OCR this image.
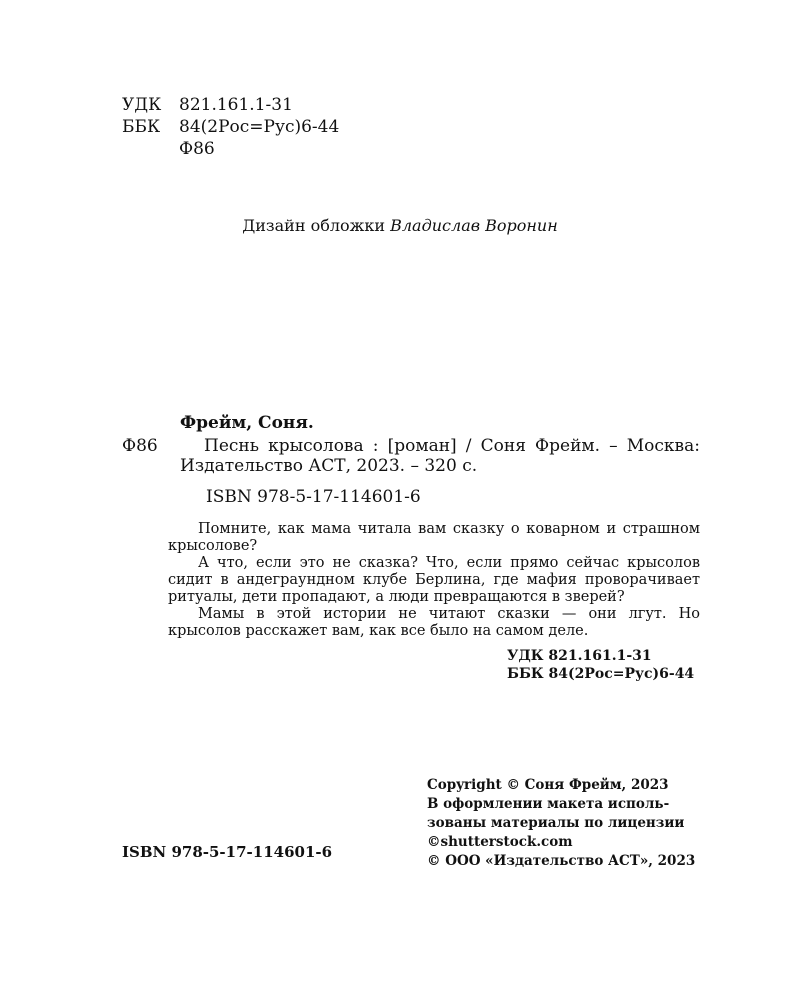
УДК	821.161.1-31
ББК	84(2Рос=Рус)6-44
Ф86
Дизайн обложки Владислав Воронин
Фрейм, Соня.
Ф86	Песнь крысолова : [роман] / Соня Фрейм. – Москва: Издательство АСТ, 2023. – 320 с.
ISBN 978-5-17-114601-6

Помните, как мама читала вам сказку о коварном и страшном крысолове?

А что, если это не сказка? Что, если прямо сейчас крысолов сидит в андеграундном клубе Берлина, где мафия проворачивает ритуалы, дети пропадают, а люди превращаются в зверей?

Мамы в этой истории не читают сказки — они лгут. Но крысолов расскажет вам, как все было на самом деле.

УДК 821.161.1-31
ББК 84(2Рос=Рус)6-44
ISBN 978-5-17-114601-6
Copyright © Соня Фрейм, 2023
В оформлении макета исполь-
зованы материалы по лицензии
©shutterstock.com
© ООО «Издательство АСТ», 2023
